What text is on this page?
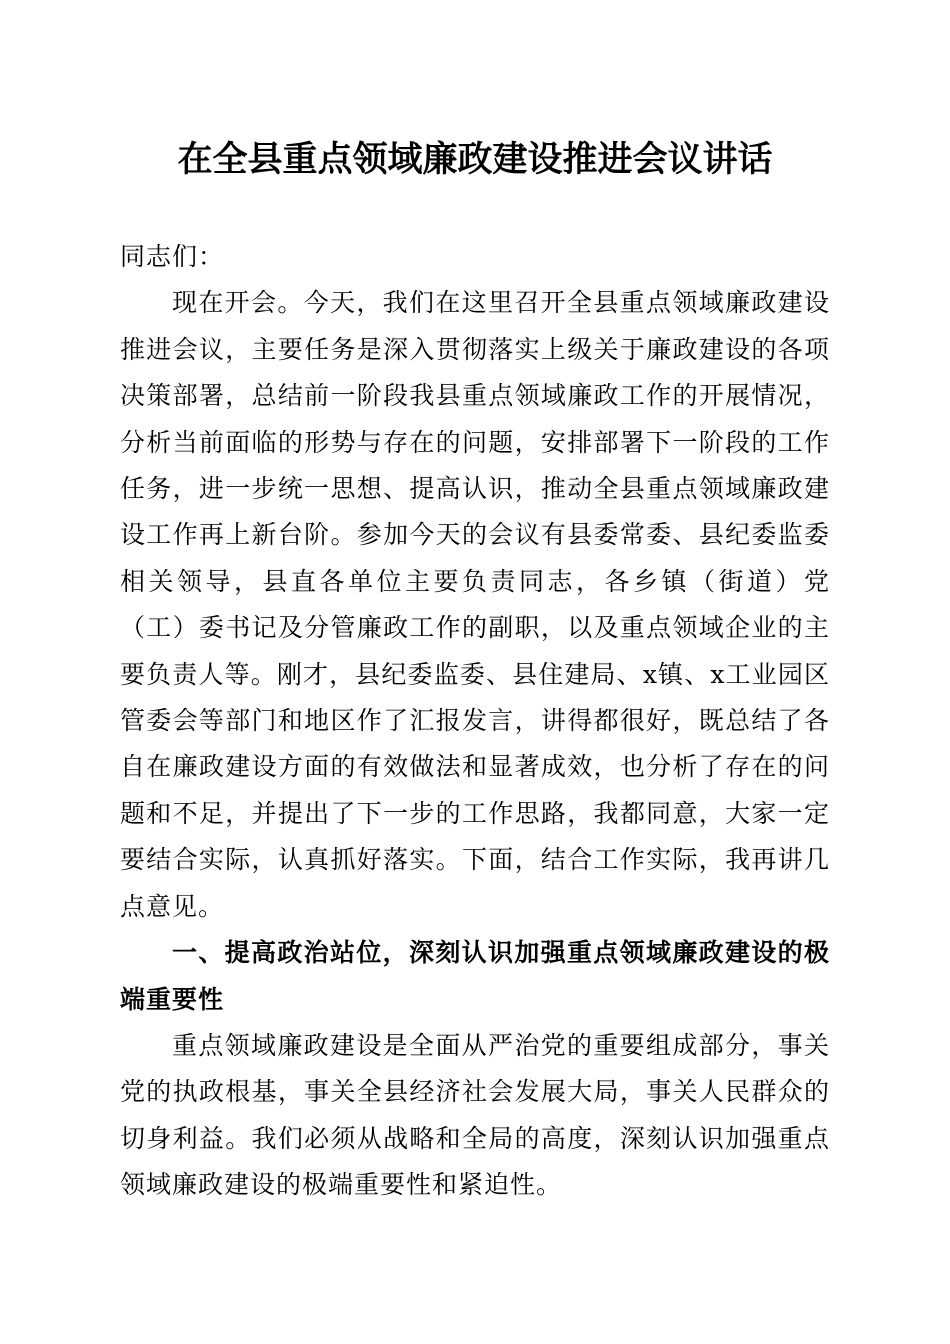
在全县重点领域廉政建设推进会议讲话

同志们：

现在开会。今天，我们在这里召开全县重点领域廉政建设推进会议，主要任务是深入贯彻落实上级关于廉政建设的各项决策部署，总结前一阶段我县重点领域廉政工作的开展情况，分析当前面临的形势与存在的问题，安排部署下一阶段的工作任务，进一步统一思想、提高认识，推动全县重点领域廉政建设工作再上新台阶。参加今天的会议有县委常委、县纪委监委相关领导，县直各单位主要负责同志，各乡镇（街道）党（工）委书记及分管廉政工作的副职，以及重点领域企业的主要负责人等。刚才，县纪委监委、县住建局、x镇、x工业园区管委会等部门和地区作了汇报发言，讲得都很好，既总结了各自在廉政建设方面的有效做法和显著成效，也分析了存在的问题和不足，并提出了下一步的工作思路，我都同意，大家一定要结合实际，认真抓好落实。下面，结合工作实际，我再讲几点意见。

一、提高政治站位，深刻认识加强重点领域廉政建设的极端重要性

重点领域廉政建设是全面从严治党的重要组成部分，事关党的执政根基，事关全县经济社会发展大局，事关人民群众的切身利益。我们必须从战略和全局的高度，深刻认识加强重点领域廉政建设的极端重要性和紧迫性。
